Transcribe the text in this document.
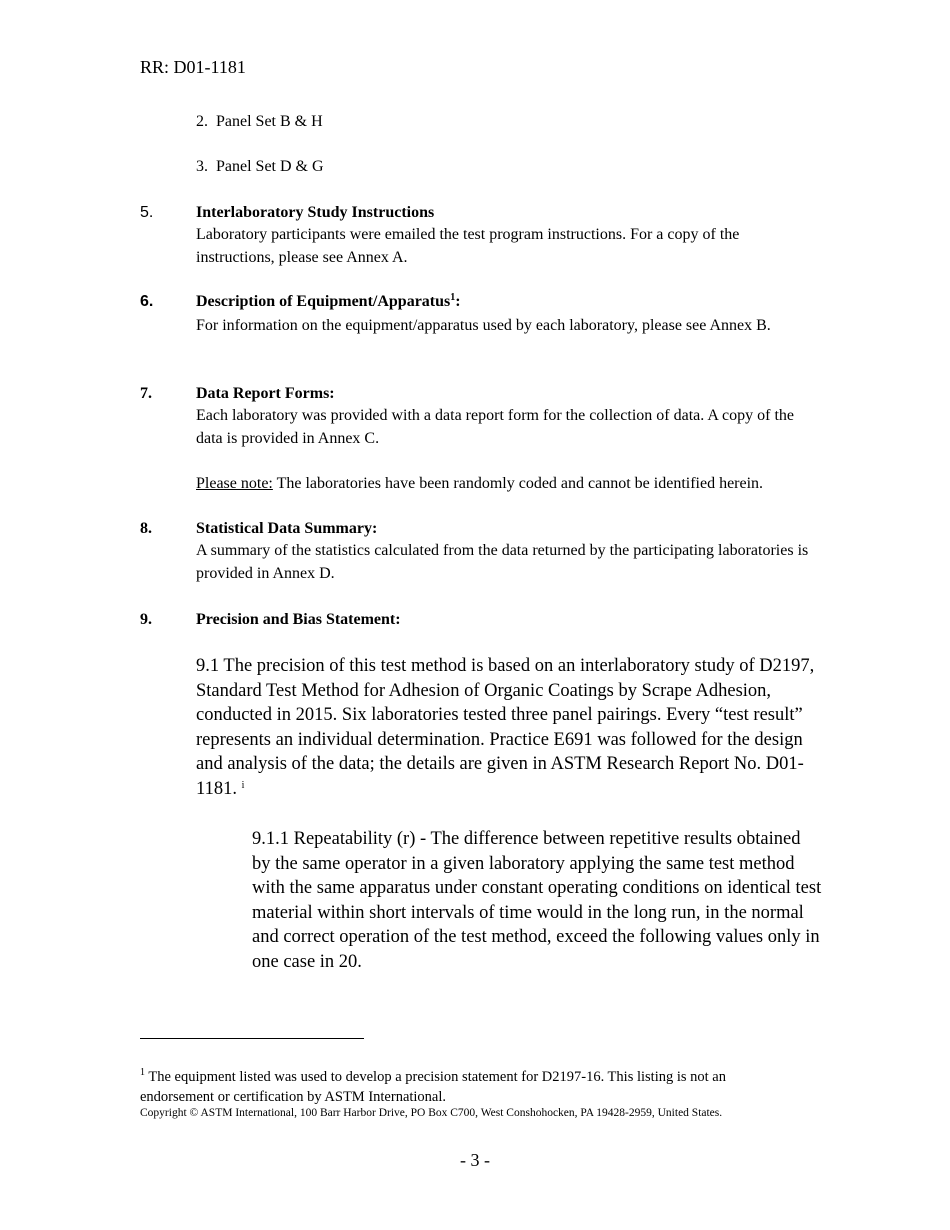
RR: D01-1181
2. Panel Set B & H
3. Panel Set D & G
5.	Interlaboratory Study Instructions
Laboratory participants were emailed the test program instructions. For a copy of the instructions, please see Annex A.
6.	Description of Equipment/Apparatus$^1$:
For information on the equipment/apparatus used by each laboratory, please see Annex B.
7.	Data Report Forms:
Each laboratory was provided with a data report form for the collection of data. A copy of the data is provided in Annex C.
Please note: The laboratories have been randomly coded and cannot be identified herein.
8.	Statistical Data Summary:
A summary of the statistics calculated from the data returned by the participating laboratories is provided in Annex D.
9.	Precision and Bias Statement:
9.1 The precision of this test method is based on an interlaboratory study of D2197, Standard Test Method for Adhesion of Organic Coatings by Scrape Adhesion, conducted in 2015. Six laboratories tested three panel pairings. Every “test result” represents an individual determination. Practice E691 was followed for the design and analysis of the data; the details are given in ASTM Research Report No. D01-1181. $^i$
9.1.1 Repeatability (r) - The difference between repetitive results obtained by the same operator in a given laboratory applying the same test method with the same apparatus under constant operating conditions on identical test material within short intervals of time would in the long run, in the normal and correct operation of the test method, exceed the following values only in one case in 20.
$^1$ The equipment listed was used to develop a precision statement for D2197-16. This listing is not an endorsement or certification by ASTM International.
Copyright © ASTM International, 100 Barr Harbor Drive, PO Box C700, West Conshohocken, PA 19428-2959, United States.
- 3 -
